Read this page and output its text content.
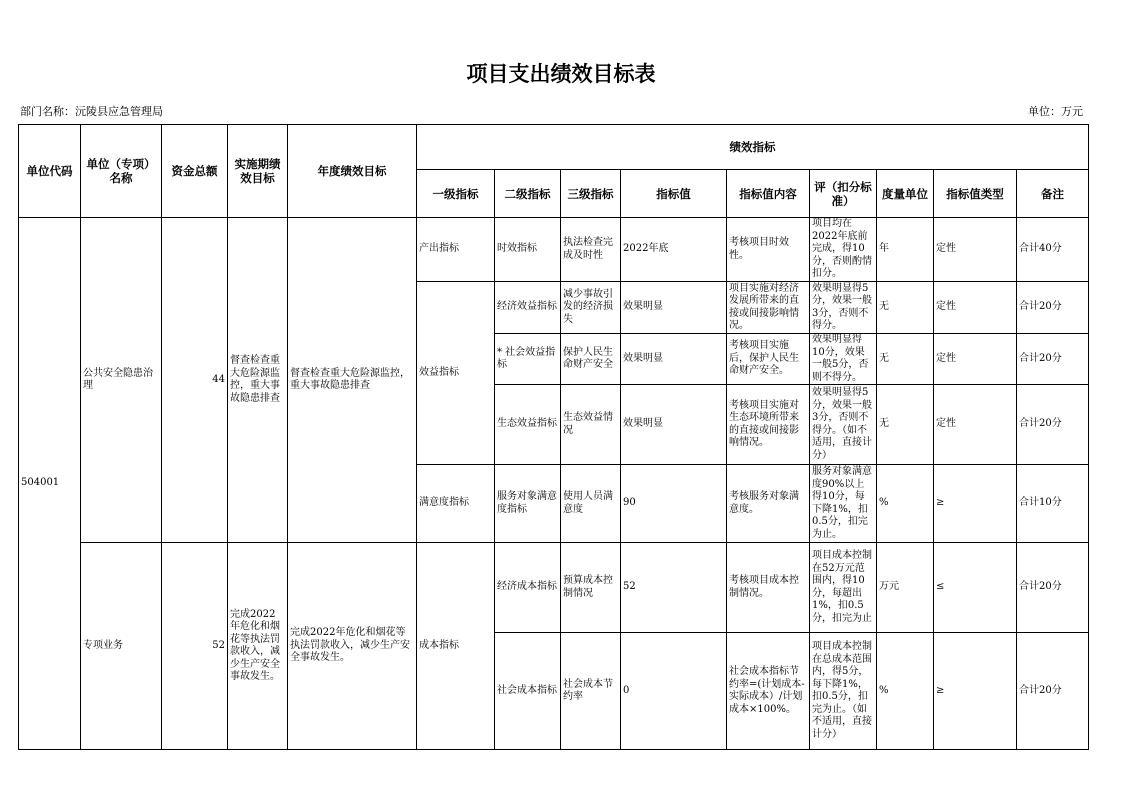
项目支出绩效目标表
部门名称：沅陵县应急管理局	单位：万元
单位代码	单位（专项）名称	资金总额	实施期绩效目标	年度绩效目标	绩效指标								
					一级指标	二级指标	三级指标	指标值	指标值内容	评（扣分标准）	度量单位	指标值类型	备注
504001	公共安全隐患治理	44	督查检查重大危险源监控，重大事故隐患排查	督查检查重大危险源监控，重大事故隐患排查	产出指标	时效指标	执法检查完成及时性	2022年底	考核项目时效性。	项目均在2022年底前完成，得10分，否则酌情扣分。	年	定性	合计40分
					效益指标	经济效益指标	减少事故引发的经济损失	效果明显	项目实施对经济发展所带来的直接或间接影响情况。	效果明显得5分，效果一般3分，否则不得分。	无	定性	合计20分
						* 社会效益指标	保护人民生命财产安全	效果明显	考核项目实施后，保护人民生命财产安全。	效果明显得10分，效果一般5分，否则不得分。	无	定性	合计20分
						生态效益指标	生态效益情况	效果明显	考核项目实施对生态环境所带来的直接或间接影响情况。	效果明显得5分，效果一般3分，否则不得分。（如不适用，直接计分）	无	定性	合计20分
					满意度指标	服务对象满意度指标	使用人员满意度	90	考核服务对象满意度。	服务对象满意度90%以上得10分，每下降1%，扣0.5分，扣完为止。	%	≥	合计10分
	专项业务	52	完成2022年危化和烟花等执法罚款收入，减少生产安全事故发生。	完成2022年危化和烟花等执法罚款收入，减少生产安全事故发生。	成本指标	经济成本指标	预算成本控制情况	52	考核项目成本控制情况。	项目成本控制在52万元范围内，得10分，每超出1%，扣0.5分，扣完为止	万元	≤	合计20分
						社会成本指标	社会成本节约率	0	社会成本指标节约率=(计划成本-实际成本）/计划成本×100%。	项目成本控制在总成本范围内，得5分，每下降1%，扣0.5分，扣完为止。（如不适用，直接计分）	%	≥	合计20分
